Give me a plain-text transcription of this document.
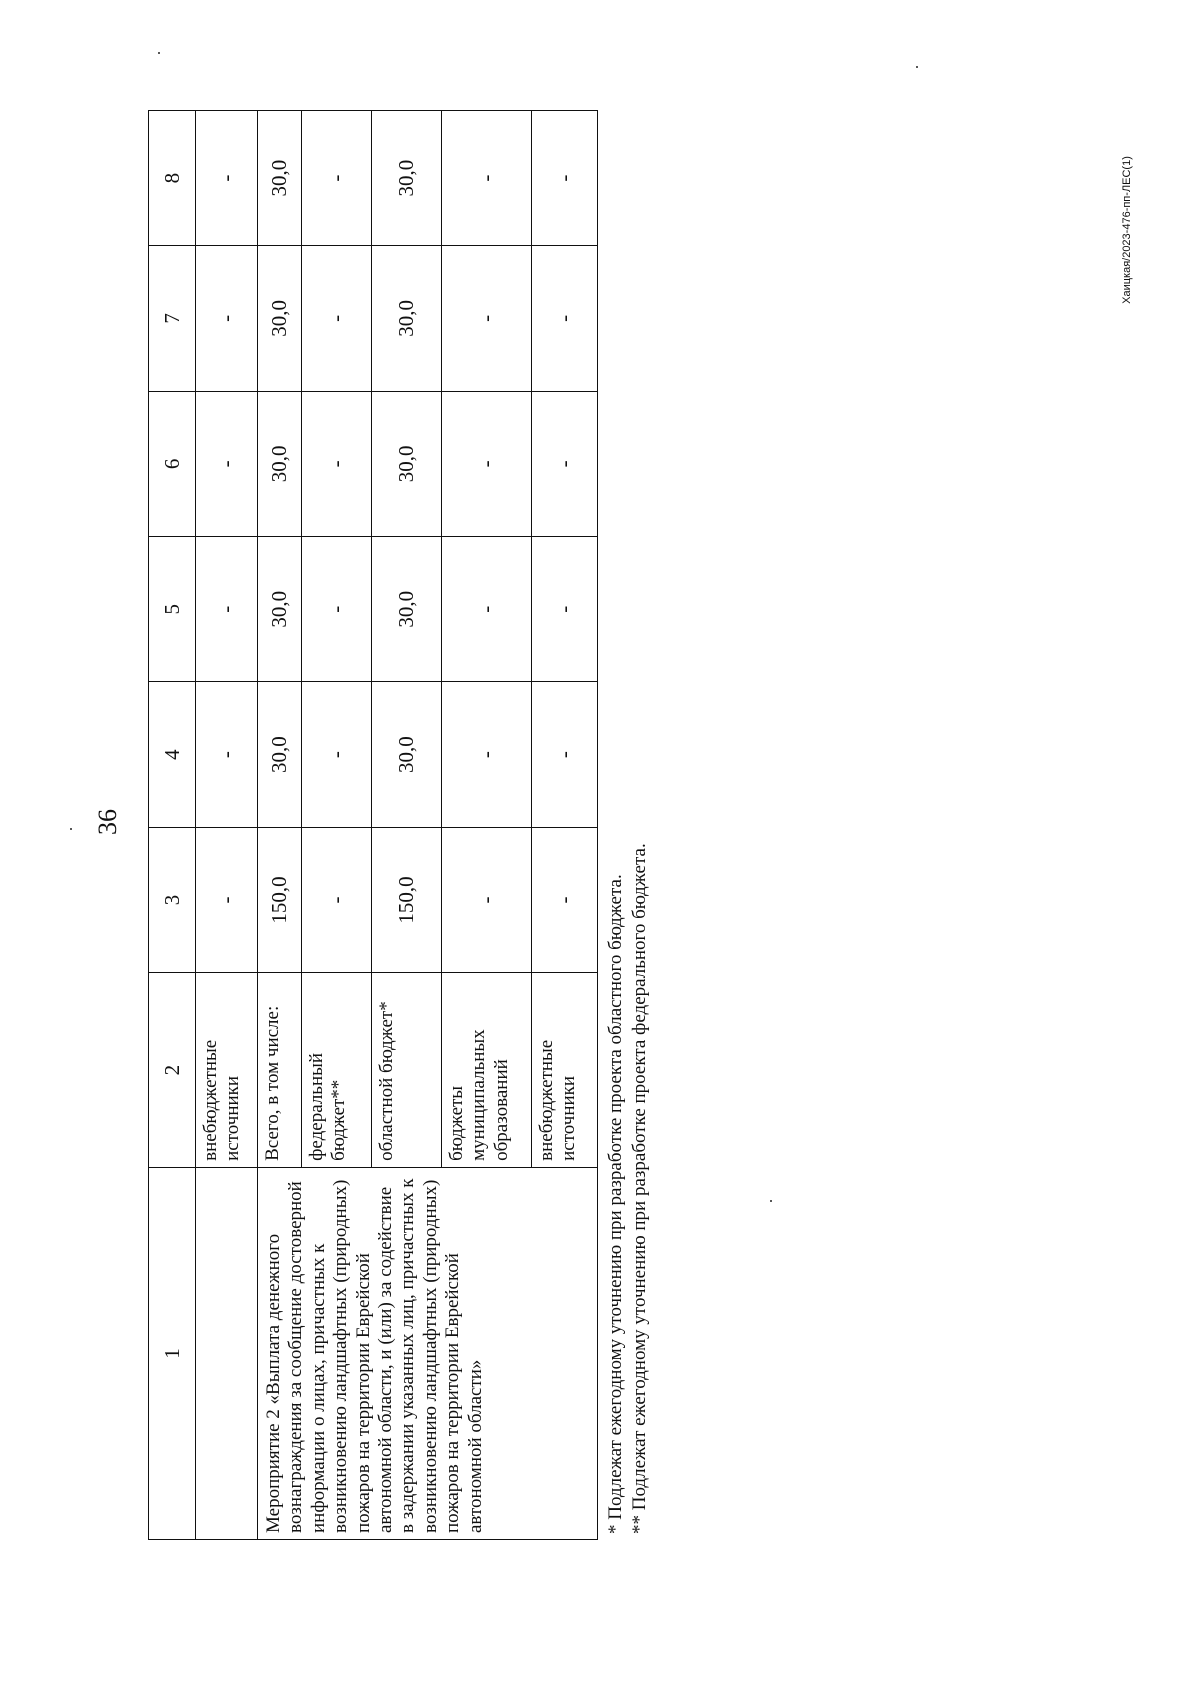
36
Хаицкая/2023-476-пп-ЛЕС(1)
1	2	3	4	5	6	7	8
	внебюджетные источники	-	-	-	-	-	-
Мероприятие 2 «Выплата денежного вознаграждения за сообщение достоверной информации о лицах, причастных к возникновению ландшафтных (природных) пожаров на территории Еврейской автономной области, и (или) за содействие в задержании указанных лиц, причастных к возникновению ландшафтных (природных) пожаров на территории Еврейской автономной области»	Всего, в том числе:	150,0	30,0	30,0	30,0	30,0	30,0
	федеральный бюджет**	-	-	-	-	-	-
	областной бюджет*	150,0	30,0	30,0	30,0	30,0	30,0
	бюджеты муниципальных образований	-	-	-	-	-	-
	внебюджетные источники	-	-	-	-	-	-
* Подлежат ежегодному уточнению при разработке проекта областного бюджета. ** Подлежат ежегодному уточнению при разработке проекта федерального бюджета.
